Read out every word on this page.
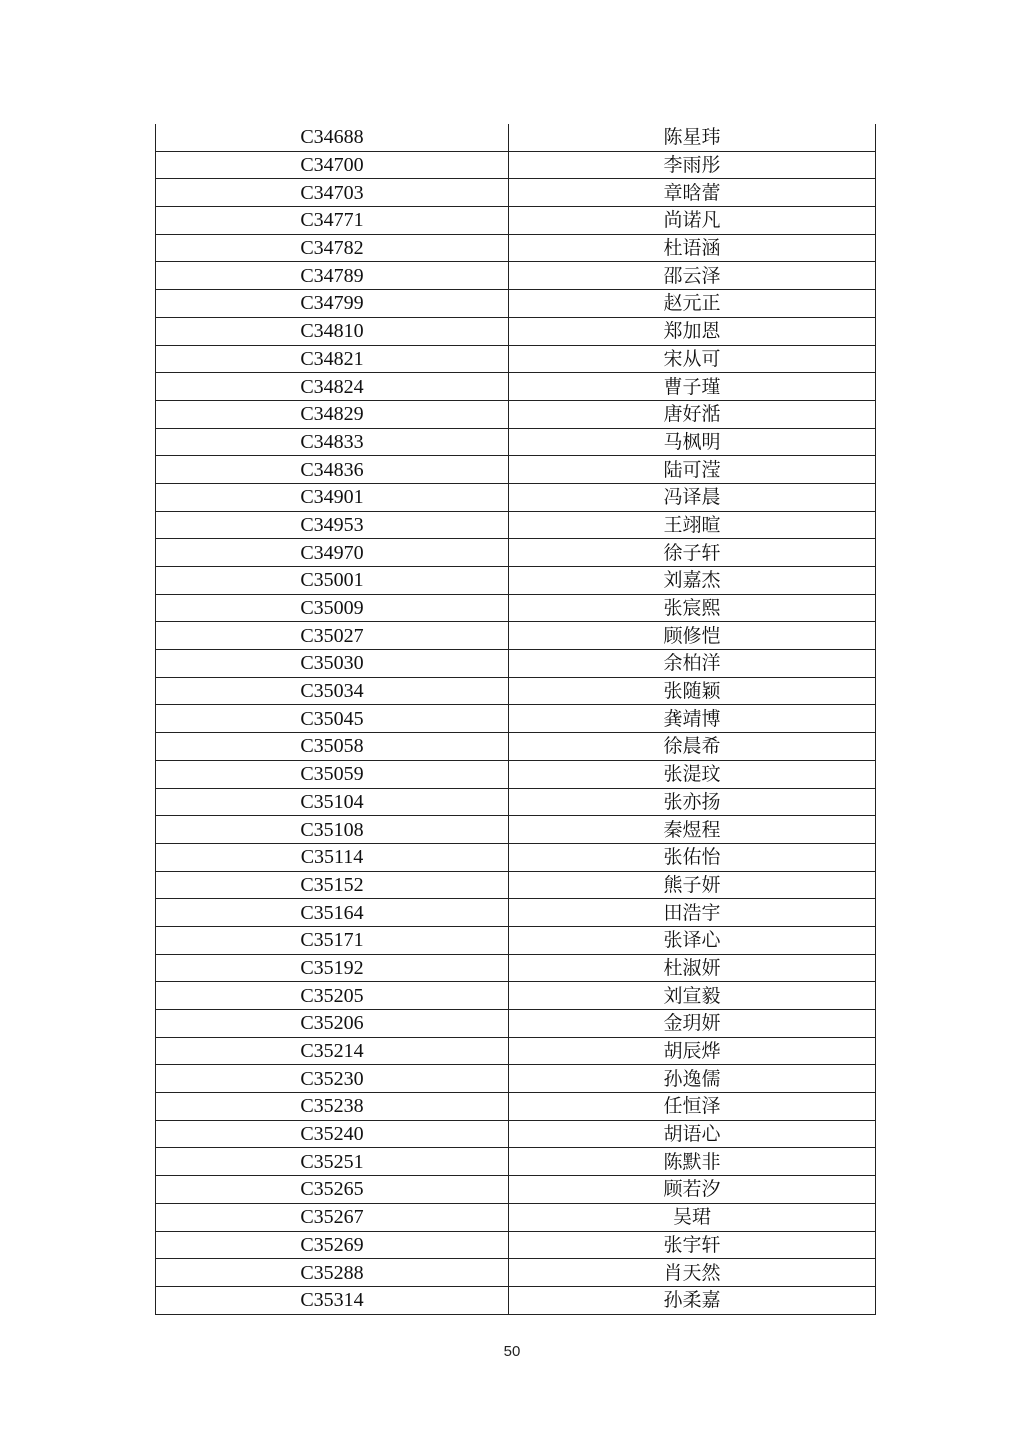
C34688	陈星玮
C34700	李雨彤
C34703	章晗蕾
C34771	尚诺凡
C34782	杜语涵
C34789	邵云泽
C34799	赵元正
C34810	郑加恩
C34821	宋从可
C34824	曹子瑾
C34829	唐好湉
C34833	马枫明
C34836	陆可滢
C34901	冯译晨
C34953	王翊暄
C34970	徐子轩
C35001	刘嘉杰
C35009	张宸熙
C35027	顾修恺
C35030	余柏洋
C35034	张随颖
C35045	龚靖博
C35058	徐晨希
C35059	张湜玟
C35104	张亦扬
C35108	秦煜程
C35114	张佑怡
C35152	熊子妍
C35164	田浩宇
C35171	张译心
C35192	杜淑妍
C35205	刘宣毅
C35206	金玥妍
C35214	胡辰烨
C35230	孙逸儒
C35238	任恒泽
C35240	胡语心
C35251	陈默非
C35265	顾若汐
C35267	吴珺
C35269	张宇轩
C35288	肖天然
C35314	孙柔嘉
50
